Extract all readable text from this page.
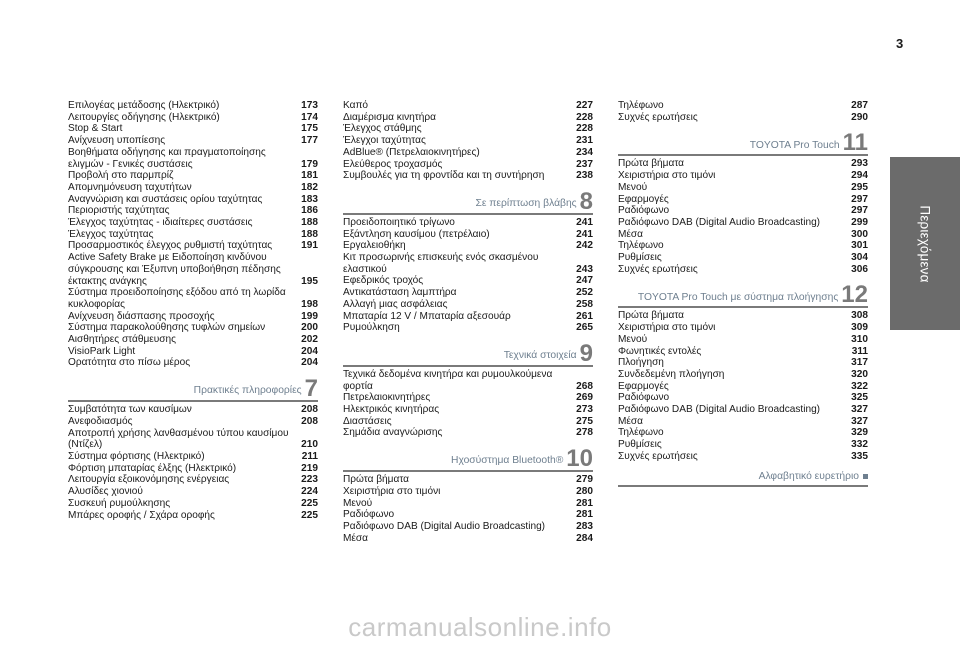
3
Περιεχόμενα
Επιλογέας μετάδοσης (Ηλεκτρικό)	173
Λειτουργίες οδήγησης (Ηλεκτρικό)	174
Stop & Start	175
Ανίχνευση υποπίεσης	177
Βοηθήματα οδήγησης και πραγματοποίησης ελιγμών - Γενικές συστάσεις	179
Προβολή στο παρμπρίζ	181
Απομνημόνευση ταχυτήτων	182
Αναγνώριση και συστάσεις ορίου ταχύτητας	183
Περιοριστής ταχύτητας	186
Έλεγχος ταχύτητας - ιδιαίτερες συστάσεις	188
Έλεγχος ταχύτητας	188
Προσαρμοστικός έλεγχος ρυθμιστή ταχύτητας	191
Active Safety Brake με Ειδοποίηση κινδύνου σύγκρουσης και Έξυπνη υποβοήθηση πέδησης έκτακτης ανάγκης	195
Σύστημα προειδοποίησης εξόδου από τη λωρίδα κυκλοφορίας	198
Ανίχνευση διάσπασης προσοχής	199
Σύστημα παρακολούθησης τυφλών σημείων	200
Αισθητήρες στάθμευσης	202
VisioPark Light	204
Ορατότητα στο πίσω μέρος	204
Πρακτικές πληροφορίες 7
Συμβατότητα των καυσίμων	208
Ανεφοδιασμός	208
Αποτροπή χρήσης λανθασμένου τύπου καυσίμου (Ντίζελ)	210
Σύστημα φόρτισης (Ηλεκτρικό)	211
Φόρτιση μπαταρίας έλξης (Ηλεκτρικό)	219
Λειτουργία εξοικονόμησης ενέργειας	223
Αλυσίδες χιονιού	224
Συσκευή ρυμούλκησης	225
Μπάρες οροφής / Σχάρα οροφής	225
Καπό	227
Διαμέρισμα κινητήρα	228
Έλεγχος στάθμης	228
Έλεγχοι ταχύτητας	231
AdBlue® (Πετρελαιοκινητήρες)	234
Ελεύθερος τροχασμός	237
Συμβουλές για τη φροντίδα και τη συντήρηση	238
Σε περίπτωση βλάβης 8
Προειδοποιητικό τρίγωνο	241
Εξάντληση καυσίμου (πετρέλαιο)	241
Εργαλειοθήκη	242
Κιτ προσωρινής επισκευής ενός σκασμένου ελαστικού	243
Εφεδρικός τροχός	247
Αντικατάσταση λαμπτήρα	252
Αλλαγή μιας ασφάλειας	258
Μπαταρία 12 V / Μπαταρία αξεσουάρ	261
Ρυμούλκηση	265
Τεχνικά στοιχεία 9
Τεχνικά δεδομένα κινητήρα και ρυμουλκούμενα φορτία	268
Πετρελαιοκινητήρες	269
Ηλεκτρικός κινητήρας	273
Διαστάσεις	275
Σημάδια αναγνώρισης	278
Ηχοσύστημα Bluetooth® 10
Πρώτα βήματα	279
Χειριστήρια στο τιμόνι	280
Μενού	281
Ραδιόφωνο	281
Ραδιόφωνο DAB (Digital Audio Broadcasting)	283
Μέσα	284
Τηλέφωνο	287
Συχνές ερωτήσεις	290
TOYOTA Pro Touch 11
Πρώτα βήματα	293
Χειριστήρια στο τιμόνι	294
Μενού	295
Εφαρμογές	297
Ραδιόφωνο	297
Ραδιόφωνο DAB (Digital Audio Broadcasting)	299
Μέσα	300
Τηλέφωνο	301
Ρυθμίσεις	304
Συχνές ερωτήσεις	306
TOYOTA Pro Touch με σύστημα πλοήγησης 12
Πρώτα βήματα	308
Χειριστήρια στο τιμόνι	309
Μενού	310
Φωνητικές εντολές	311
Πλοήγηση	317
Συνδεδεμένη πλοήγηση	320
Εφαρμογές	322
Ραδιόφωνο	325
Ραδιόφωνο DAB (Digital Audio Broadcasting)	327
Μέσα	327
Τηλέφωνο	329
Ρυθμίσεις	332
Συχνές ερωτήσεις	335
Αλφαβητικό ευρετήριο
carmanualsonline.info
